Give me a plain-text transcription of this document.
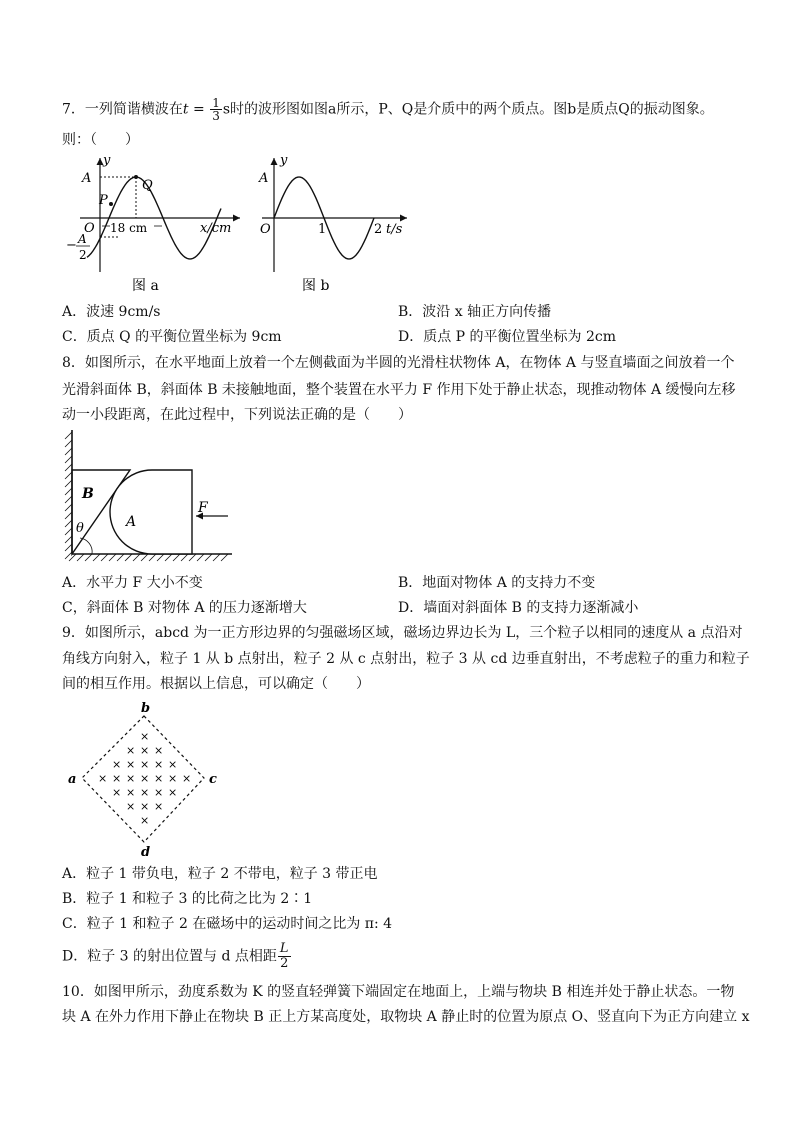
7．一列简谐横波在$t = \frac{1}{3}$ s时的波形图如图a所示，P、Q是介质中的两个质点。图b是质点Q的振动图象。
则：（　　）
y
A	Q
P
O 18 cm	x/cm
− A
2
图 a
y
A
O	1	2 t/s
图 b
A．波速 9cm/s	B．波沿 x 轴正方向传播
C．质点 Q 的平衡位置坐标为 9cm	D．质点 P 的平衡位置坐标为 2cm
8．如图所示，在水平地面上放着一个左侧截面为半圆的光滑柱状物体 A，在物体 A 与竖直墙面之间放着一个
光滑斜面体 B，斜面体 B 未接触地面，整个装置在水平力 F 作用下处于静止状态，现推动物体 A 缓慢向左移
动一小段距离，在此过程中，下列说法正确的是（　　）
B
A
F
θ
A．水平力 F 大小不变	B．地面对物体 A 的支持力不变
C，斜面体 B 对物体 A 的压力逐渐增大	D．墙面对斜面体 B 的支持力逐渐减小
9．如图所示，abcd 为一正方形边界的匀强磁场区域，磁场边界边长为 L，三个粒子以相同的速度从 a 点沿对
角线方向射入，粒子 1 从 b 点射出，粒子 2 从 c 点射出，粒子 3 从 cd 边垂直射出，不考虑粒子的重力和粒子
间的相互作用。根据以上信息，可以确定（　　）
×
× × ×
× × × × ×
× × × × × × ×
× × × × ×
× × ×
×
b
a	c
d
A．粒子 1 带负电，粒子 2 不带电，粒子 3 带正电
B．粒子 1 和粒子 3 的比荷之比为 2∶1
C．粒子 1 和粒子 2 在磁场中的运动时间之比为 π: 4
D．粒子 3 的射出位置与 d 点相距 $\frac{L}{2}$
10．如图甲所示，劲度系数为 K 的竖直轻弹簧下端固定在地面上，上端与物块 B 相连并处于静止状态。一物
块 A 在外力作用下静止在物块 B 正上方某高度处，取物块 A 静止时的位置为原点 O、竖直向下为正方向建立 x
